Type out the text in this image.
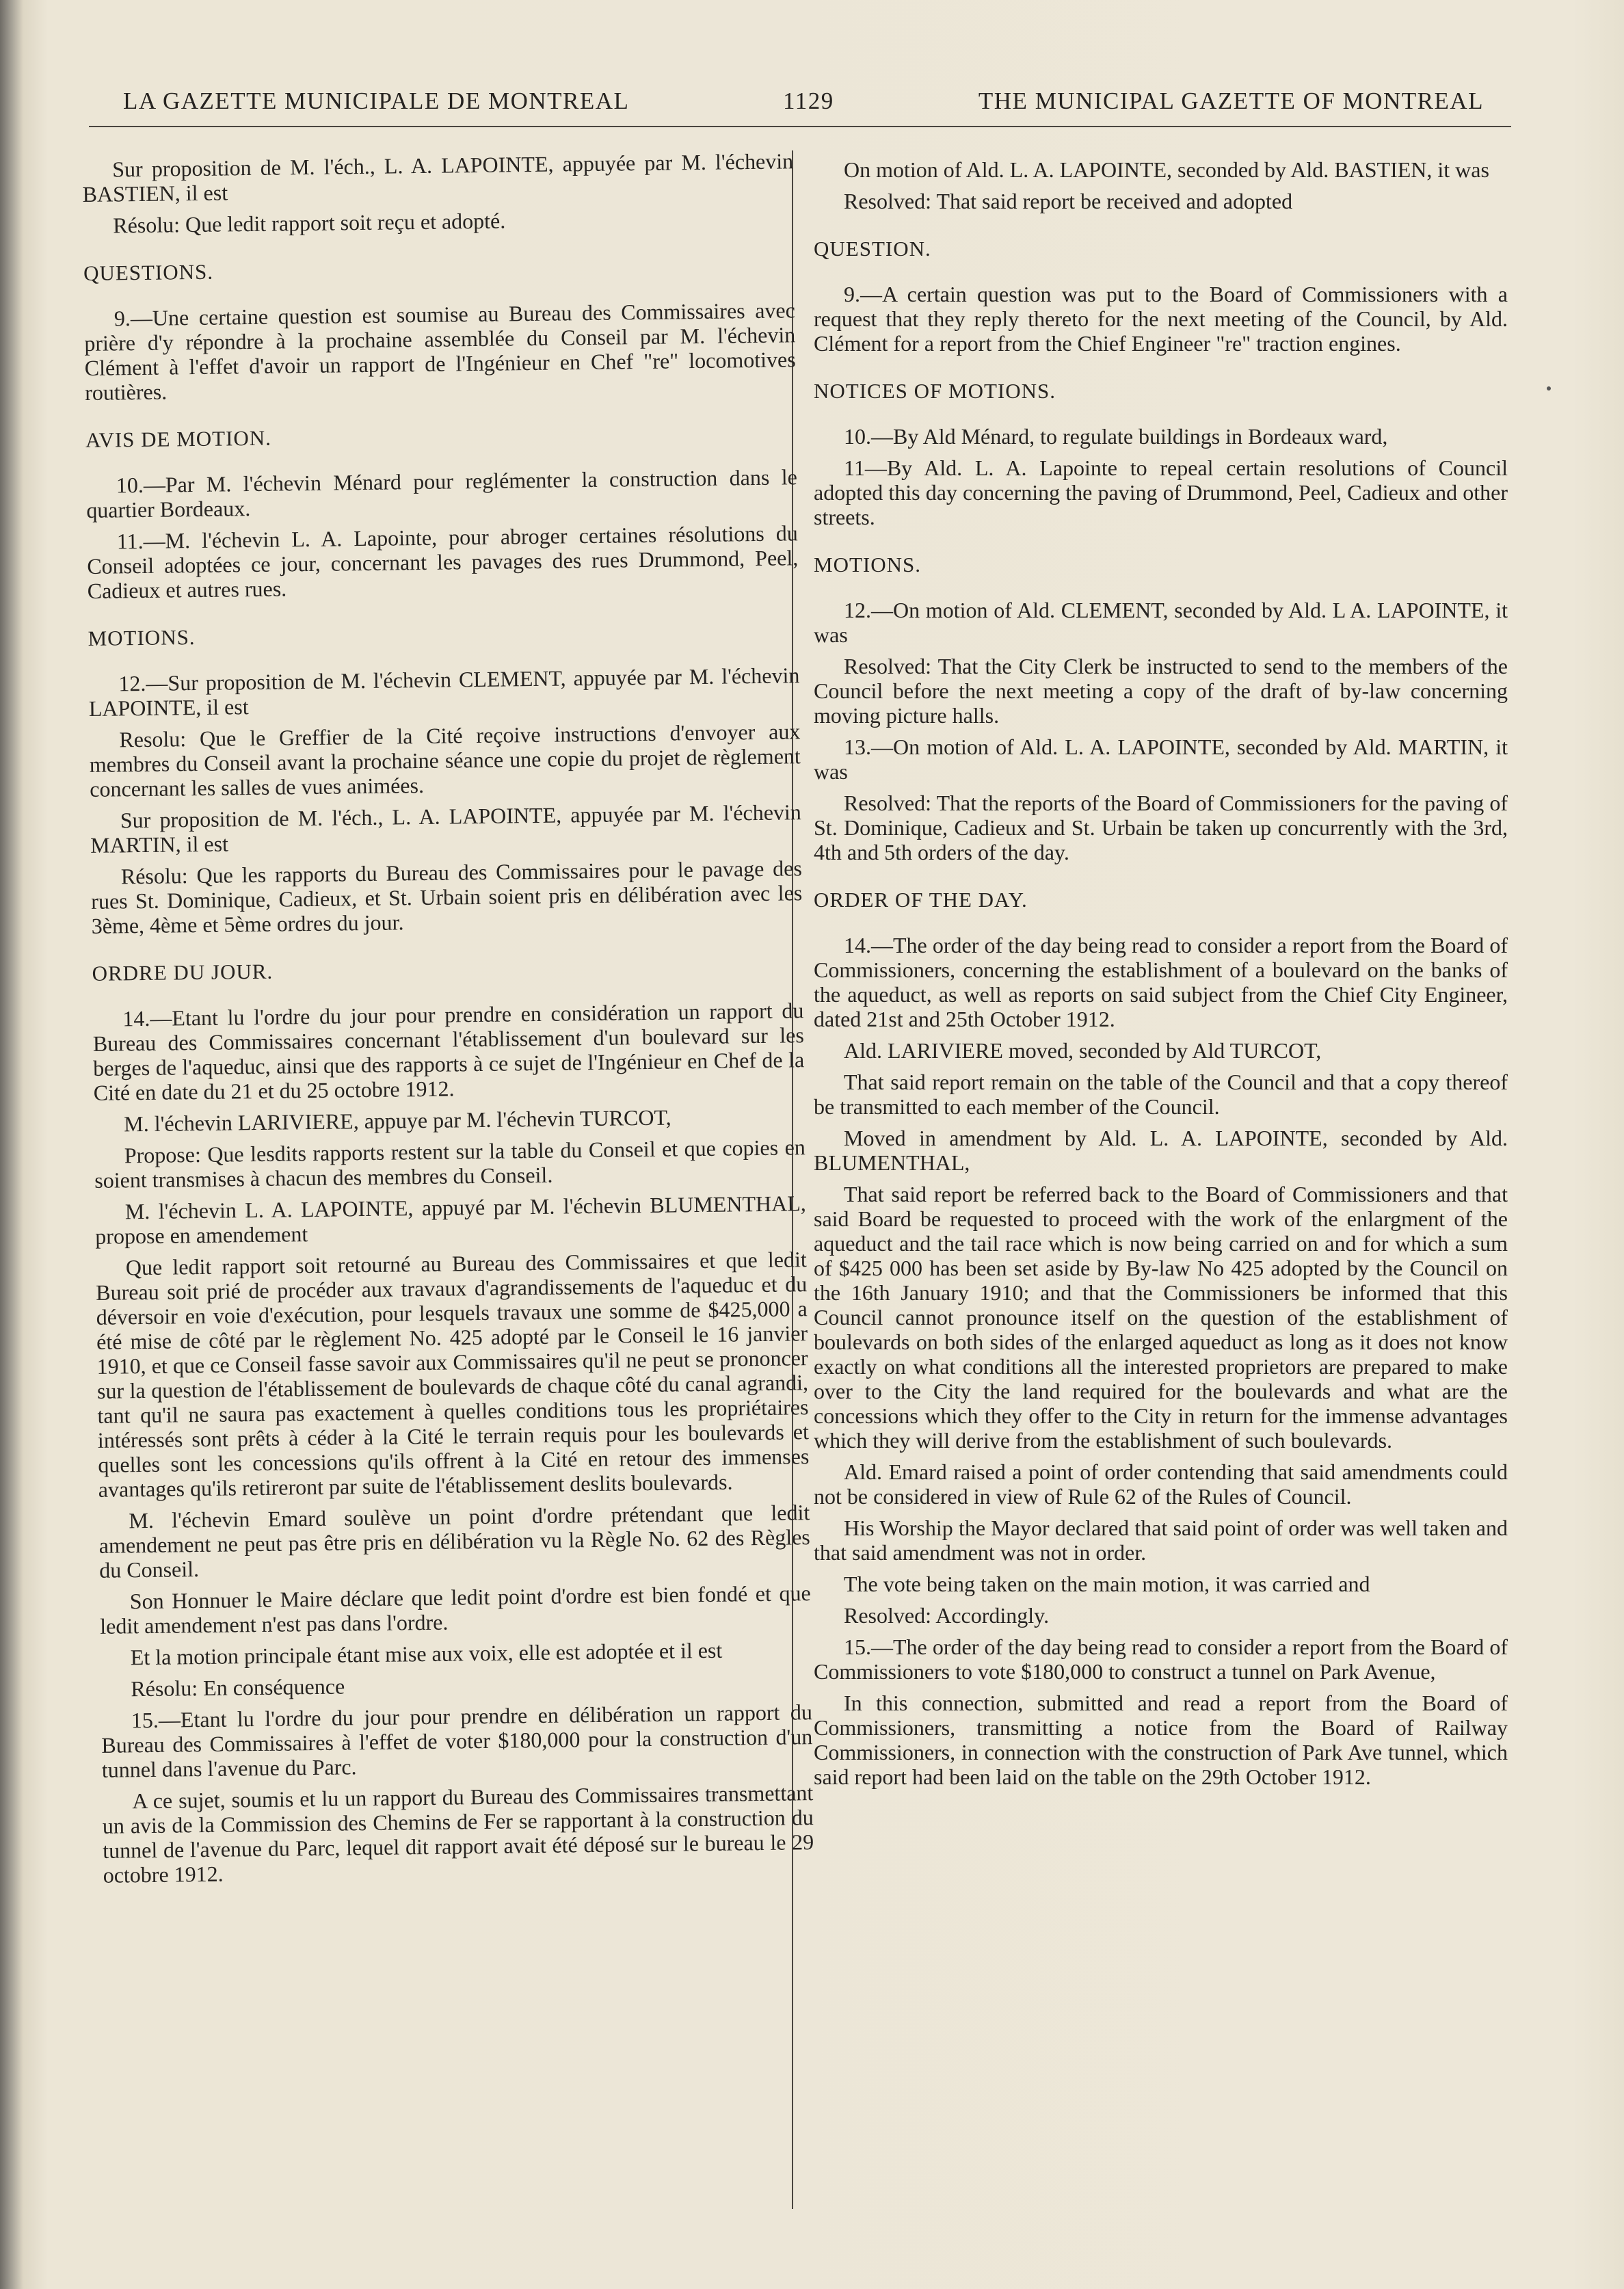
LA GAZETTE MUNICIPALE DE MONTREAL	1129	THE MUNICIPAL GAZETTE OF MONTREAL

Sur proposition de M. l'éch., L. A. LAPOINTE, appuyée par M. l'échevin BASTIEN, il est

Résolu: Que ledit rapport soit reçu et adopté.

QUESTIONS.

9.—Une certaine question est soumise au Bureau des Commissaires avec prière d'y répondre à la prochaine assemblée du Conseil par M. l'échevin Clément à l'effet d'avoir un rapport de l'Ingénieur en Chef "re" locomotives routières.

AVIS DE MOTION.

10.—Par M. l'échevin Ménard pour reglémenter la construction dans le quartier Bordeaux.

11.—M. l'échevin L. A. Lapointe, pour abroger certaines résolutions du Conseil adoptées ce jour, concernant les pavages des rues Drummond, Peel, Cadieux et autres rues.

MOTIONS.

12.—Sur proposition de M. l'échevin CLEMENT, appuyée par M. l'échevin LAPOINTE, il est

Resolu: Que le Greffier de la Cité reçoive instructions d'envoyer aux membres du Conseil avant la prochaine séance une copie du projet de règlement concernant les salles de vues animées.

Sur proposition de M. l'éch., L. A. LAPOINTE, appuyée par M. l'échevin MARTIN, il est

Résolu: Que les rapports du Bureau des Commissaires pour le pavage des rues St. Dominique, Cadieux, et St. Urbain soient pris en délibération avec les 3ème, 4ème et 5ème ordres du jour.

ORDRE DU JOUR.

14.—Etant lu l'ordre du jour pour prendre en considération un rapport du Bureau des Commissaires concernant l'établissement d'un boulevard sur les berges de l'aqueduc, ainsi que des rapports à ce sujet de l'Ingénieur en Chef de la Cité en date du 21 et du 25 octobre 1912.

M. l'échevin LARIVIERE, appuye par M. l'échevin TURCOT,

Propose: Que lesdits rapports restent sur la table du Conseil et que copies en soient transmises à chacun des membres du Conseil.

M. l'échevin L. A. LAPOINTE, appuyé par M. l'échevin BLUMENTHAL, propose en amendement

Que ledit rapport soit retourné au Bureau des Commissaires et que ledit Bureau soit prié de procéder aux travaux d'agrandissements de l'aqueduc et du déversoir en voie d'exécution, pour lesquels travaux une somme de $425,000 a été mise de côté par le règlement No. 425 adopté par le Conseil le 16 janvier 1910, et que ce Conseil fasse savoir aux Commissaires qu'il ne peut se prononcer sur la question de l'établissement de boulevards de chaque côté du canal agrandi, tant qu'il ne saura pas exactement à quelles conditions tous les propriétaires intéressés sont prêts à céder à la Cité le terrain requis pour les boulevards et quelles sont les concessions qu'ils offrent à la Cité en retour des immenses avantages qu'ils retireront par suite de l'établissement deslits boulevards.

M. l'échevin Emard soulève un point d'ordre prétendant que ledit amendement ne peut pas être pris en délibération vu la Règle No. 62 des Règles du Conseil.

Son Honnuer le Maire déclare que ledit point d'ordre est bien fondé et que ledit amendement n'est pas dans l'ordre.

Et la motion principale étant mise aux voix, elle est adoptée et il est

Résolu: En conséquence

15.—Etant lu l'ordre du jour pour prendre en délibération un rapport du Bureau des Commissaires à l'effet de voter $180,000 pour la construction d'un tunnel dans l'avenue du Parc.

A ce sujet, soumis et lu un rapport du Bureau des Commissaires transmettant un avis de la Commission des Chemins de Fer se rapportant à la construction du tunnel de l'avenue du Parc, lequel dit rapport avait été déposé sur le bureau le 29 octobre 1912.

On motion of Ald. L. A. LAPOINTE, seconded by Ald. BASTIEN, it was

Resolved: That said report be received and adopted

QUESTION.

9.—A certain question was put to the Board of Commissioners with a request that they reply thereto for the next meeting of the Council, by Ald. Clément for a report from the Chief Engineer "re" traction engines.

NOTICES OF MOTIONS.

10.—By Ald Ménard, to regulate buildings in Bordeaux ward,

11—By Ald. L. A. Lapointe to repeal certain resolutions of Council adopted this day concerning the paving of Drummond, Peel, Cadieux and other streets.

MOTIONS.

12.—On motion of Ald. CLEMENT, seconded by Ald. L A. LAPOINTE, it was

Resolved: That the City Clerk be instructed to send to the members of the Council before the next meeting a copy of the draft of by-law concerning moving picture halls.

13.—On motion of Ald. L. A. LAPOINTE, seconded by Ald. MARTIN, it was

Resolved: That the reports of the Board of Commissioners for the paving of St. Dominique, Cadieux and St. Urbain be taken up concurrently with the 3rd, 4th and 5th orders of the day.

ORDER OF THE DAY.

14.—The order of the day being read to consider a report from the Board of Commissioners, concerning the establishment of a boulevard on the banks of the aqueduct, as well as reports on said subject from the Chief City Engineer, dated 21st and 25th October 1912.

Ald. LARIVIERE moved, seconded by Ald TURCOT,

That said report remain on the table of the Council and that a copy thereof be transmitted to each member of the Council.

Moved in amendment by Ald. L. A. LAPOINTE, seconded by Ald. BLUMENTHAL,

That said report be referred back to the Board of Commissioners and that said Board be requested to proceed with the work of the enlargment of the aqueduct and the tail race which is now being carried on and for which a sum of $425 000 has been set aside by By-law No 425 adopted by the Council on the 16th January 1910; and that the Commissioners be informed that this Council cannot pronounce itself on the question of the establishment of boulevards on both sides of the enlarged aqueduct as long as it does not know exactly on what conditions all the interested proprietors are prepared to make over to the City the land required for the boulevards and what are the concessions which they offer to the City in return for the immense advantages which they will derive from the establishment of such boulevards.

Ald. Emard raised a point of order contending that said amendments could not be considered in view of Rule 62 of the Rules of Council.

His Worship the Mayor declared that said point of order was well taken and that said amendment was not in order.

The vote being taken on the main motion, it was carried and

Resolved: Accordingly.

15.—The order of the day being read to consider a report from the Board of Commissioners to vote $180,000 to construct a tunnel on Park Avenue,

In this connection, submitted and read a report from the Board of Commissioners, transmitting a notice from the Board of Railway Commissioners, in connection with the construction of Park Ave tunnel, which said report had been laid on the table on the 29th October 1912.
